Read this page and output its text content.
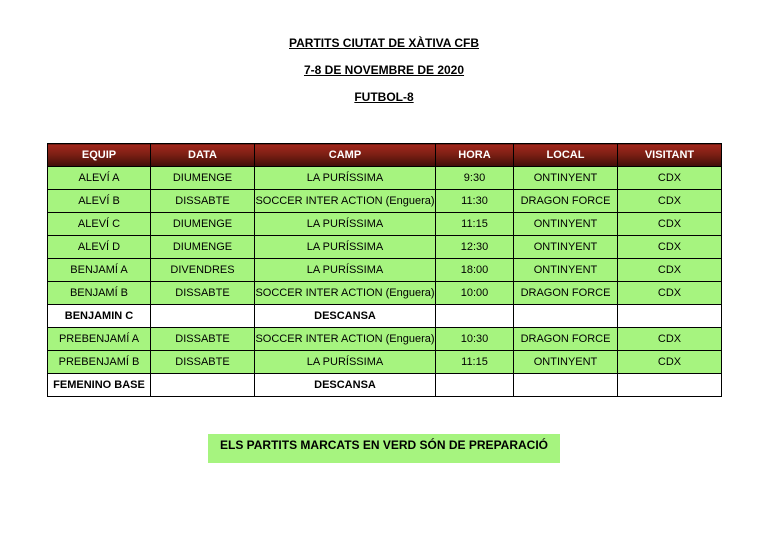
PARTITS CIUTAT DE XÀTIVA CFB
7-8 DE NOVEMBRE DE 2020
FUTBOL-8
EQUIP	DATA	CAMP	HORA	LOCAL	VISITANT
ALEVÍ A	DIUMENGE	LA PURÍSSIMA	9:30	ONTINYENT	CDX
ALEVÍ B	DISSABTE	SOCCER INTER ACTION (Enguera)	11:30	DRAGON FORCE	CDX
ALEVÍ C	DIUMENGE	LA PURÍSSIMA	11:15	ONTINYENT	CDX
ALEVÍ D	DIUMENGE	LA PURÍSSIMA	12:30	ONTINYENT	CDX
BENJAMÍ A	DIVENDRES	LA PURÍSSIMA	18:00	ONTINYENT	CDX
BENJAMÍ B	DISSABTE	SOCCER INTER ACTION (Enguera)	10:00	DRAGON FORCE	CDX
BENJAMIN C		DESCANSA			
PREBENJAMÍ A	DISSABTE	SOCCER INTER ACTION (Enguera)	10:30	DRAGON FORCE	CDX
PREBENJAMÍ B	DISSABTE	LA PURÍSSIMA	11:15	ONTINYENT	CDX
FEMENINO BASE		DESCANSA			
ELS PARTITS MARCATS EN VERD SÓN DE PREPARACIÓ
